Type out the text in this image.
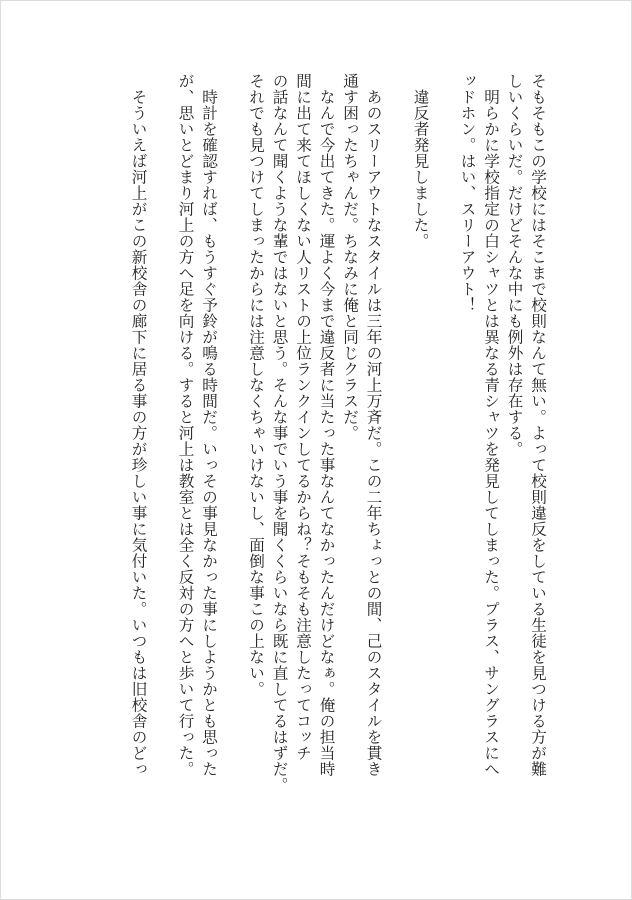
そもそもこの学校にはそこまで校則なんて無い。よって校則違反をしている生徒を見つける方が難
しいくらいだ。だけどそんな中にも例外は存在する。
　明らかに学校指定の白シャツとは異なる青シャツを発見してしまった。プラス、サングラスにへ
ッドホン。はい、スリーアウト！
　違反者発見しました。
　あのスリーアウトなスタイルは三年の河上万斉だ。この二年ちょっとの間、己のスタイルを貫き
通す困ったちゃんだ。ちなみに俺と同じクラスだ。
　なんで今出てきた。運よく今まで違反者に当たった事なんてなかったんだけどなぁ。俺の担当時
間に出て来てほしくない人リストの上位ランクインしてるからね？そもそも注意したってコッチ
の話なんて聞くような輩ではないと思う。そんな事でいう事を聞くくらいなら既に直してるはずだ。
それでも見つけてしまったからには注意しなくちゃいけないし、面倒な事この上ない。
　時計を確認すれば、もうすぐ予鈴が鳴る時間だ。いっその事見なかった事にしようかとも思った
が、思いとどまり河上の方へ足を向ける。すると河上は教室とは全く反対の方へと歩いて行った。
　そういえば河上がこの新校舎の廊下に居る事の方が珍しい事に気付いた。いつもは旧校舎のどっ
